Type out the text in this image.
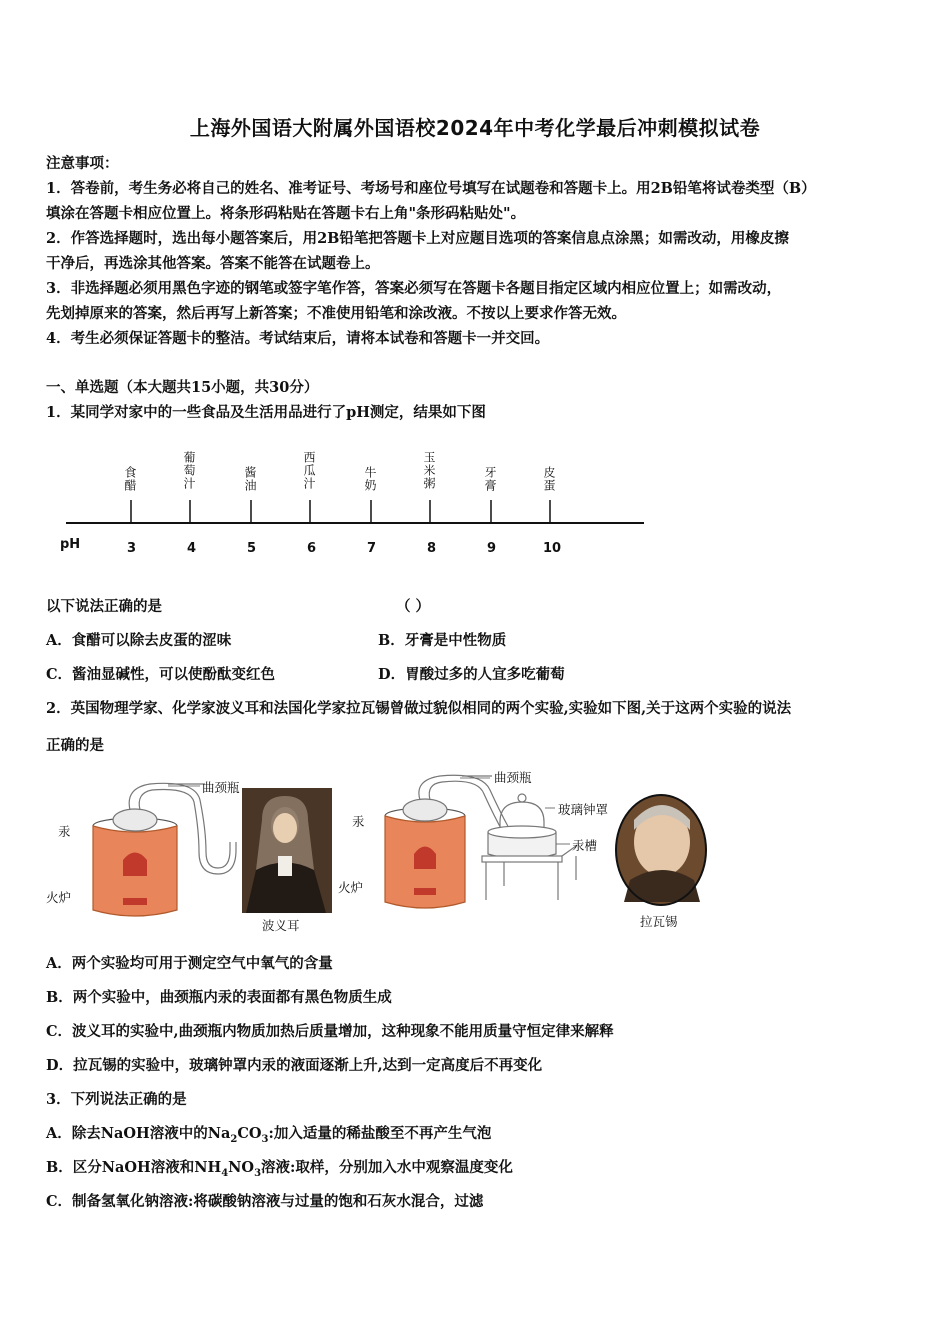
上海外国语大附属外国语校2024年中考化学最后冲刺模拟试卷
注意事项：
1．答卷前，考生务必将自己的姓名、准考证号、考场号和座位号填写在试题卷和答题卡上。用2B铅笔将试卷类型（B）
填涂在答题卡相应位置上。将条形码粘贴在答题卡右上角"条形码粘贴处"。
2．作答选择题时，选出每小题答案后，用2B铅笔把答题卡上对应题目选项的答案信息点涂黑；如需改动，用橡皮擦
干净后，再选涂其他答案。答案不能答在试题卷上。
3．非选择题必须用黑色字迹的钢笔或签字笔作答，答案必须写在答题卡各题目指定区域内相应位置上；如需改动，
先划掉原来的答案，然后再写上新答案；不准使用铅笔和涂改液。不按以上要求作答无效。
4．考生必须保证答题卡的整洁。考试结束后，请将本试卷和答题卡一并交回。
一、单选题（本大题共15小题，共30分）
1．某同学对家中的一些食品及生活用品进行了pH测定，结果如下图
食醋	葡萄汁	酱油	西瓜汁	牛奶	玉米粥	牙膏	皮蛋
pH	3	4	5	6	7	8	9	10
以下说法正确的是	（ ）
A．食醋可以除去皮蛋的涩味	B．牙膏是中性物质
C．酱油显碱性，可以使酚酞变红色	D．胃酸过多的人宜多吃葡萄
2．英国物理学家、化学家波义耳和法国化学家拉瓦锡曾做过貌似相同的两个实验,实验如下图,关于这两个实验的说法
正确的是
曲颈瓶
汞
火炉
波义耳
曲颈瓶
玻璃钟罩
汞
汞槽
火炉
拉瓦锡
A．两个实验均可用于测定空气中氧气的含量
B．两个实验中，曲颈瓶内汞的表面都有黑色物质生成
C．波义耳的实验中,曲颈瓶内物质加热后质量增加，这种现象不能用质量守恒定律来解释
D．拉瓦锡的实验中，玻璃钟罩内汞的液面逐渐上升,达到一定高度后不再变化
3．下列说法正确的是
A．除去NaOH溶液中的$Na_2CO_3$:加入适量的稀盐酸至不再产生气泡
B．区分NaOH溶液和$NH_4NO_3$溶液:取样，分别加入水中观察温度变化
C．制备氢氧化钠溶液:将碳酸钠溶液与过量的饱和石灰水混合，过滤
